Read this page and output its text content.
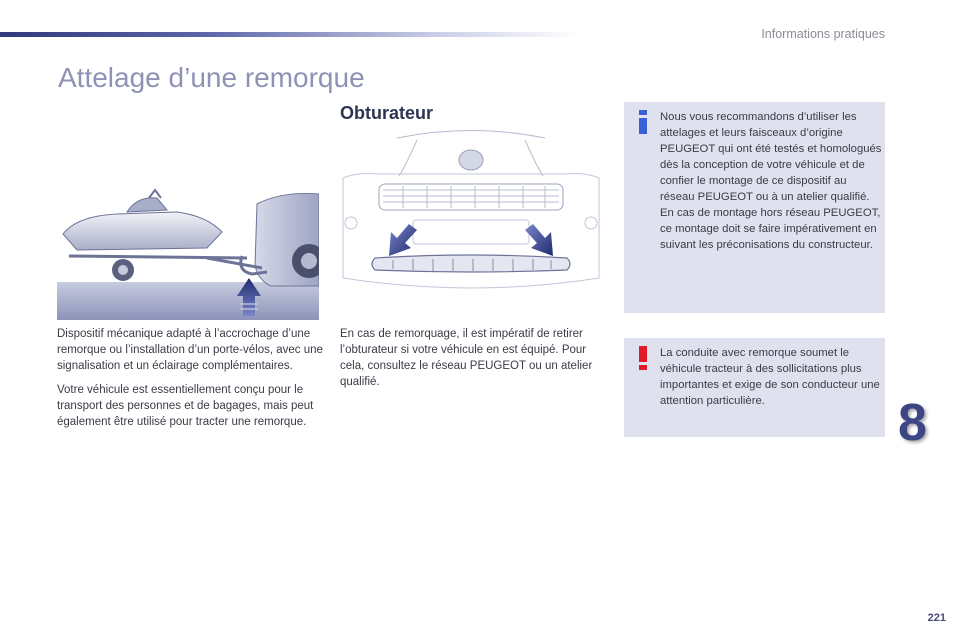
Informations pratiques
Attelage d’une remorque

Dispositif mécanique adapté à l’accrochage d’une remorque ou l’installation d’un porte-vélos, avec une signalisation et un éclairage complémentaires.

Votre véhicule est essentiellement conçu pour le transport des personnes et de bagages, mais peut également être utilisé pour tracter une remorque.

Obturateur
En cas de remorquage, il est impératif de retirer l’obturateur si votre véhicule en est équipé. Pour cela, consultez le réseau PEUGEOT ou un atelier qualifié.
Nous vous recommandons d’utiliser les attelages et leurs faisceaux d’origine PEUGEOT qui ont été testés et homologués dès la conception de votre véhicule et de confier le montage de ce dispositif au réseau PEUGEOT ou à un atelier qualifié. En cas de montage hors réseau PEUGEOT, ce montage doit se faire impérativement en suivant les préconisations du constructeur.
La conduite avec remorque soumet le véhicule tracteur à des sollicitations plus importantes et exige de son conducteur une attention particulière.	8
221
